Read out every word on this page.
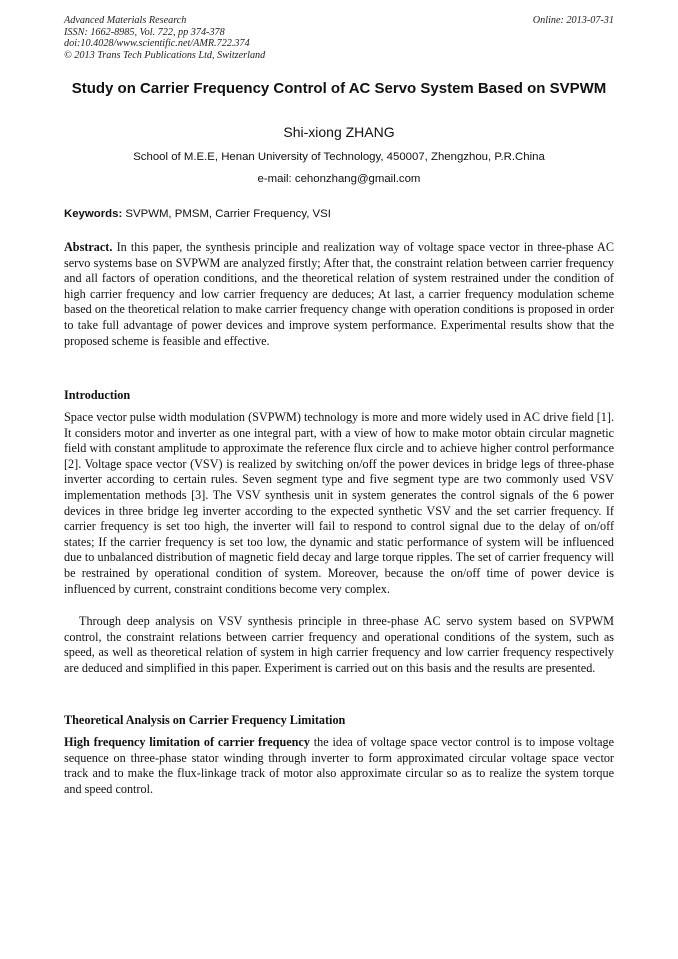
Advanced Materials Research
ISSN: 1662-8985, Vol. 722, pp 374-378
doi:10.4028/www.scientific.net/AMR.722.374
© 2013 Trans Tech Publications Ltd, Switzerland
Online: 2013-07-31
Study on Carrier Frequency Control of AC Servo System Based on SVPWM
Shi-xiong ZHANG
School of M.E.E, Henan University of Technology, 450007, Zhengzhou, P.R.China
e-mail: cehonzhang@gmail.com
Keywords: SVPWM, PMSM, Carrier Frequency, VSI
Abstract. In this paper, the synthesis principle and realization way of voltage space vector in three-phase AC servo systems base on SVPWM are analyzed firstly; After that, the constraint relation between carrier frequency and all factors of operation conditions, and the theoretical relation of system restrained under the condition of high carrier frequency and low carrier frequency are deduces; At last, a carrier frequency modulation scheme based on the theoretical relation to make carrier frequency change with operation conditions is proposed in order to take full advantage of power devices and improve system performance. Experimental results show that the proposed scheme is feasible and effective.
Introduction
Space vector pulse width modulation (SVPWM) technology is more and more widely used in AC drive field [1]. It considers motor and inverter as one integral part, with a view of how to make motor obtain circular magnetic field with constant amplitude to approximate the reference flux circle and to achieve higher control performance [2]. Voltage space vector (VSV) is realized by switching on/off the power devices in bridge legs of three-phase inverter according to certain rules. Seven segment type and five segment type are two commonly used VSV implementation methods [3]. The VSV synthesis unit in system generates the control signals of the 6 power devices in three bridge leg inverter according to the expected synthetic VSV and the set carrier frequency. If carrier frequency is set too high, the inverter will fail to respond to control signal due to the delay of on/off states; If the carrier frequency is set too low, the dynamic and static performance of system will be influenced due to unbalanced distribution of magnetic field decay and large torque ripples. The set of carrier frequency will be restrained by operational condition of system. Moreover, because the on/off time of power device is influenced by current, constraint conditions become very complex.
Through deep analysis on VSV synthesis principle in three-phase AC servo system based on SVPWM control, the constraint relations between carrier frequency and operational conditions of the system, such as speed, as well as theoretical relation of system in high carrier frequency and low carrier frequency respectively are deduced and simplified in this paper. Experiment is carried out on this basis and the results are presented.
Theoretical Analysis on Carrier Frequency Limitation
High frequency limitation of carrier frequency the idea of voltage space vector control is to impose voltage sequence on three-phase stator winding through inverter to form approximated circular voltage space vector track and to make the flux-linkage track of motor also approximate circular so as to realize the system torque and speed control.
